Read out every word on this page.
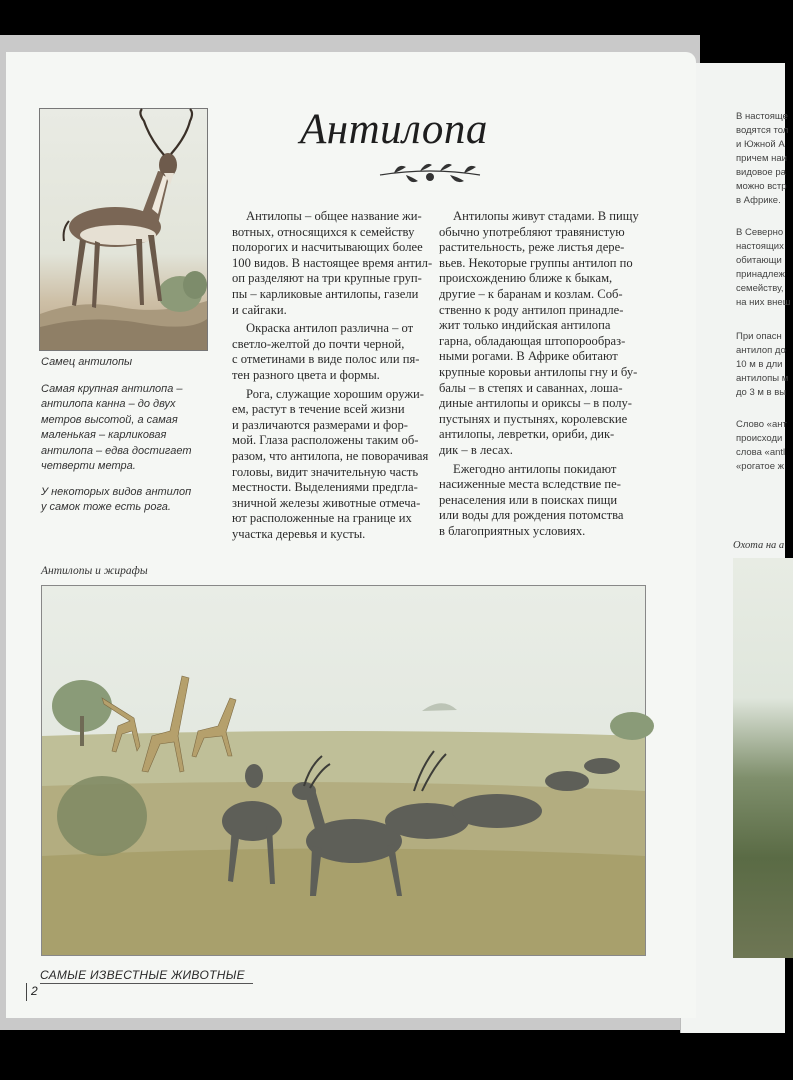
В настояще
водятся тол
и Южной А
причем наи
видовое ра
можно встр
в Африке.
В Северно
настоящих
обитающи
принадлеж
семейству,
на них внеш
При опасн
антилоп до
10 м в дли
антилопы м
до 3 м в вы
Слово «ант
происходи
слова «antl
«рогатое ж
Охота на а
Самец антилопы
Самая крупная антилопа –
антилопа канна – до двух
метров высотой, а самая
маленькая – карликовая
антилопа – едва достигает
четверти метра.
У некоторых видов антилоп
у самок тоже есть рога.
Антилопа
Антилопы – общее название жи-
вотных, относящихся к семейству
полорогих и насчитывающих более
100 видов. В настоящее время антил-
оп разделяют на три крупные груп-
пы – карликовые антилопы, газели
и сайгаки.
Окраска антилоп различна – от
светло-желтой до почти черной,
с отметинами в виде полос или пя-
тен разного цвета и формы.
Рога, служащие хорошим оружи-
ем, растут в течение всей жизни
и различаются размерами и фор-
мой. Глаза расположены таким об-
разом, что антилопа, не поворачивая
головы, видит значительную часть
местности. Выделениями предгла-
зничной железы животные отмеча-
ют расположенные на границе их
участка деревья и кусты.
Антилопы живут стадами. В пищу
обычно употребляют травянистую
растительность, реже листья дере-
вьев. Некоторые группы антилоп по
происхождению ближе к быкам,
другие – к баранам и козлам. Соб-
ственно к роду антилоп принадле-
жит только индийская антилопа
гарна, обладающая штопорообраз-
ными рогами. В Африке обитают
крупные коровьи антилопы гну и бу-
балы – в степях и саваннах, лоша-
диные антилопы и ориксы – в полу-
пустынях и пустынях, королевские
антилопы, левретки, ориби, дик-
дик – в лесах.
Ежегодно антилопы покидают
насиженные места вследствие пе-
ренаселения или в поисках пищи
или воды для рождения потомства
в благоприятных условиях.
Антилопы и жирафы
САМЫЕ ИЗВЕСТНЫЕ ЖИВОТНЫЕ
2
